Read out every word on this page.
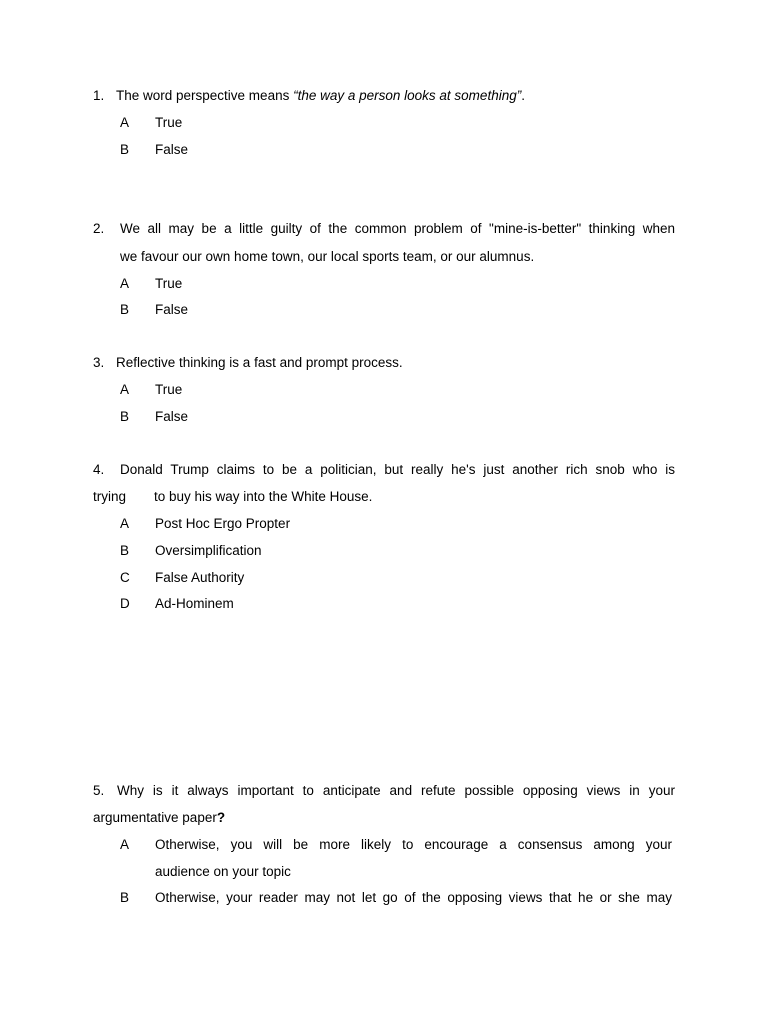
1. The word perspective means “the way a person looks at something”.
A True
B False
2. We all may be a little guilty of the common problem of "mine-is-better" thinking when
we favour our own home town, our local sports team, or our alumnus.
A True
B False
3. Reflective thinking is a fast and prompt process.
A True
B False
4. Donald Trump claims to be a politician, but really he's just another rich snob who is
trying to buy his way into the White House.
A Post Hoc Ergo Propter
B Oversimplification
C False Authority
D Ad-Hominem
5. Why is it always important to anticipate and refute possible opposing views in your
argumentative paper?
A Otherwise, you will be more likely to encourage a consensus among your
audience on your topic
B Otherwise, your reader may not let go of the opposing views that he or she may
